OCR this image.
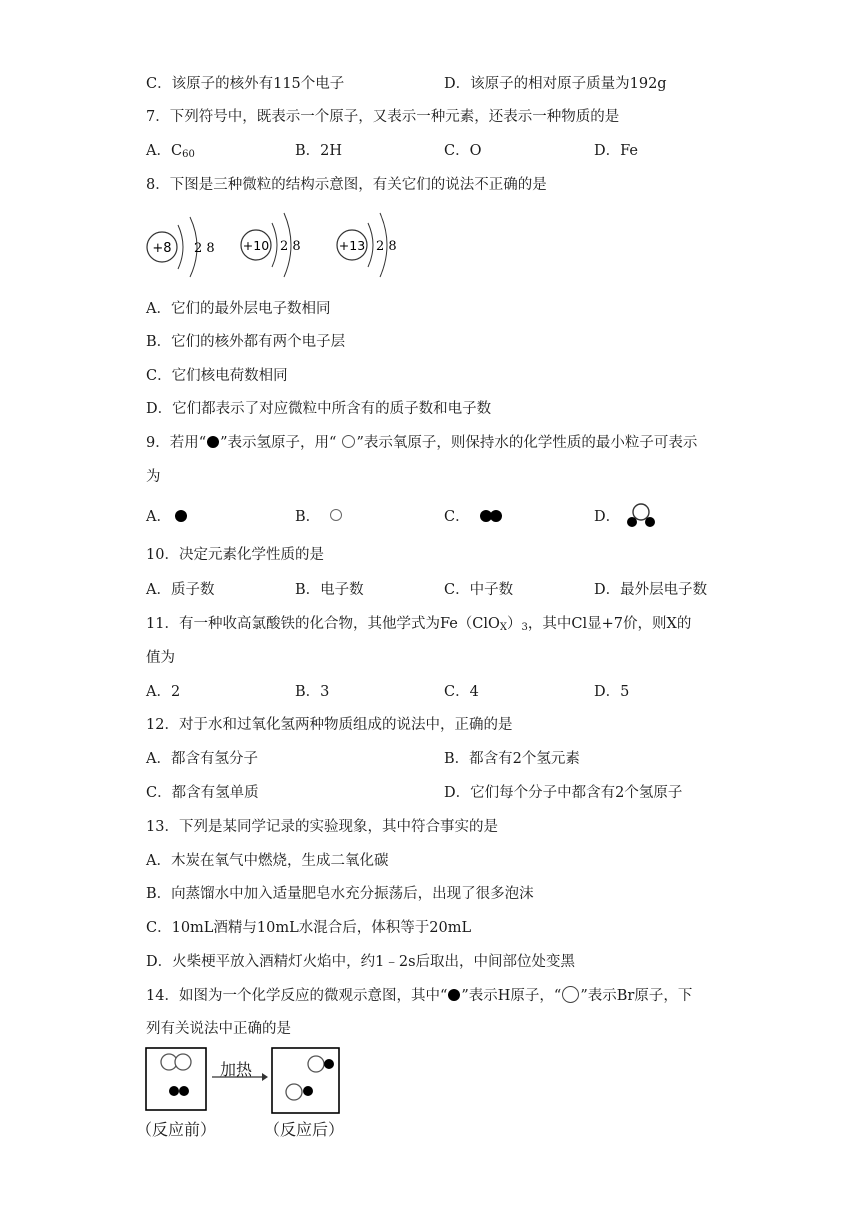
C．该原子的核外有115个电子	D．该原子的相对原子质量为192g
7．下列符号中，既表示一个原子，又表示一种元素，还表示一种物质的是
A．$C_{60}$	B．2H	C．O	D．Fe
8．下图是三种微粒的结构示意图，有关它们的说法不正确的是
+8 2 8 +10 2 8	+13 2 8
A．它们的最外层电子数相同
B．它们的核外都有两个电子层
C．它们核电荷数相同
D．它们都表示了对应微粒中所含有的质子数和电子数
9．若用“ ”表示氢原子，用“ ”表示氧原子，则保持水的化学性质的最小粒子可表示
为
A．	B．	C．	D．
10．决定元素化学性质的是
A．质子数	B．电子数	C．中子数	D．最外层电子数
11．有一种收高氯酸铁的化合物，其他学式为$Fe(ClO_X)_3$，其中Cl显+7价，则X的
值为
A．2	B．3	C．4	D．5
12．对于水和过氧化氢两种物质组成的说法中，正确的是
A．都含有氢分子	B．都含有2个氢元素
C．都含有氢单质	D．它们每个分子中都含有2个氢原子
13．下列是某同学记录的实验现象，其中符合事实的是
A．木炭在氧气中燃烧，生成二氧化碳
B．向蒸馏水中加入适量肥皂水充分振荡后，出现了很多泡沫
C．10mL酒精与10mL水混合后，体积等于20mL
D．火柴梗平放入酒精灯火焰中，约1﹣2s后取出，中间部位处变黑
14．如图为一个化学反应的微观示意图，其中“ ”表示H原子，“ ”表示Br原子，下
列有关说法中正确的是
加热
（反应前）	（反应后）
